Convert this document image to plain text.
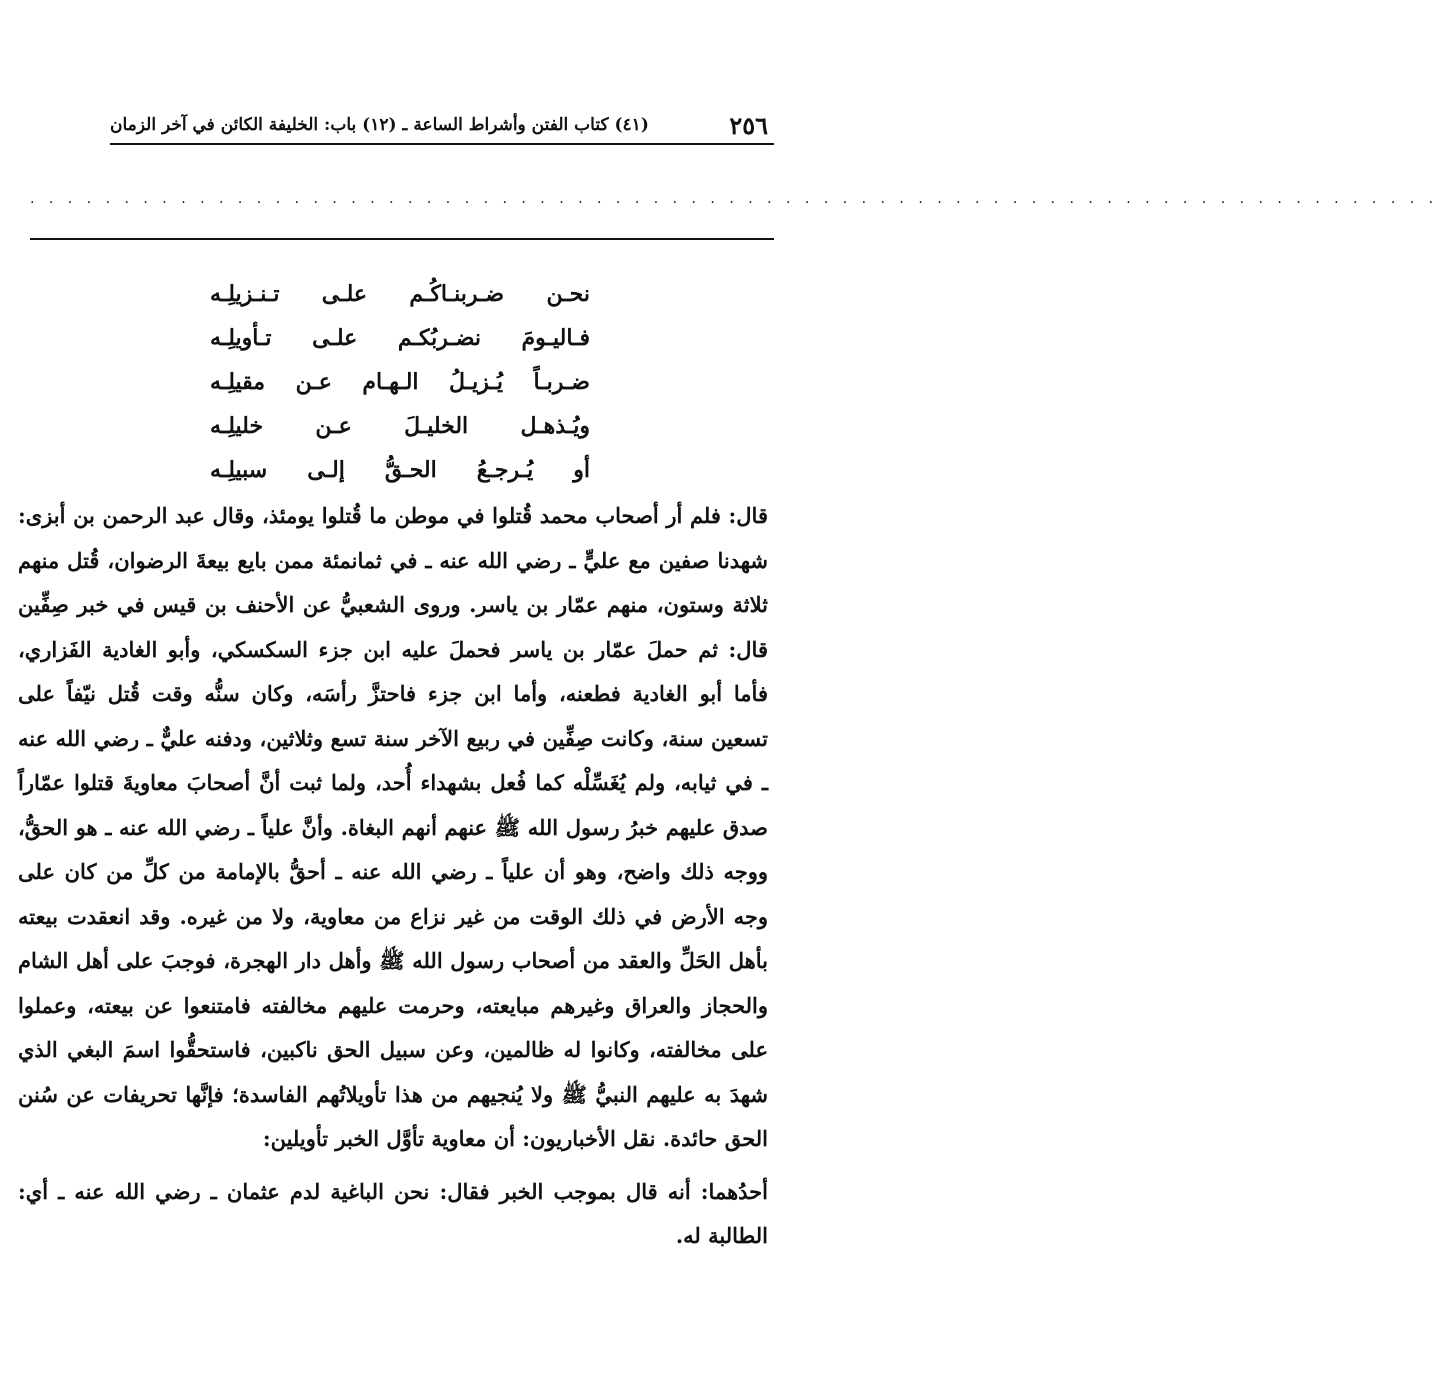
٢٥٦
(٤١) كتاب الفتن وأشراط الساعة ـ (١٢) باب: الخليفة الكائن في آخر الزمان
. . . . . . . . . . . . . . . . . . . . . . . . . . . . . . . . . . . . . . . . . . . . . . . . . . . . . . . . . . . . . . . . . . . . . . . . . . .
نحـن ضـربنـاكُـم علـى تـنـزيلِـه
فـاليـومَ نضـربُكـم علـى تـأويلِـه
ضـربـاً يُـزيـلُ الـهـام عـن مقيلِـه
ويُـذهـل الخليـلَ عـن خليلِـه
أو يُـرجـعُ الحـقُّ إلـى سبيلِـه

قال: فلم أر أصحاب محمد قُتلوا في موطن ما قُتلوا يومئذ، وقال عبد الرحمن بن أبزى: شهدنا صفين مع عليٍّ ـ رضي الله عنه ـ في ثمانمئة ممن بايع بيعةَ الرضوان، قُتل منهم ثلاثة وستون، منهم عمّار بن ياسر. وروى الشعبيُّ عن الأحنف بن قيس في خبر صِفِّين قال: ثم حملَ عمّار بن ياسر فحملَ عليه ابن جزء السكسكي، وأبو الغادية الفَزاري، فأما أبو الغادية فطعنه، وأما ابن جزء فاحتزَّ رأسَه، وكان سنُّه وقت قُتل نيّفاً على تسعين سنة، وكانت صِفِّين في ربيع الآخر سنة تسع وثلاثين، ودفنه عليٌّ ـ رضي الله عنه ـ في ثيابه، ولم يُغَسِّلْه كما فُعل بشهداء أُحد، ولما ثبت أنَّ أصحابَ معاويةَ قتلوا عمّاراً صدق عليهم خبرُ رسول الله ﷺ عنهم أنهم البغاة. وأنَّ علياً ـ رضي الله عنه ـ هو الحقُّ، ووجه ذلك واضح، وهو أن علياً ـ رضي الله عنه ـ أحقُّ بالإمامة من كلِّ من كان على وجه الأرض في ذلك الوقت من غير نزاع من معاوية، ولا من غيره. وقد انعقدت بيعته بأهل الحَلِّ والعقد من أصحاب رسول الله ﷺ وأهل دار الهجرة، فوجبَ على أهل الشام والحجاز والعراق وغيرهم مبايعته، وحرمت عليهم مخالفته فامتنعوا عن بيعته، وعملوا على مخالفته، وكانوا له ظالمين، وعن سبيل الحق ناكبين، فاستحقُّوا اسمَ البغي الذي شهدَ به عليهم النبيُّ ﷺ ولا يُنجيهم من هذا تأويلاتُهم الفاسدة؛ فإنَّها تحريفات عن سُنن الحق حائدة. نقل الأخباريون: أن معاوية تأوَّل الخبر تأويلين:

أحدُهما: أنه قال بموجب الخبر فقال: نحن الباغية لدم عثمان ـ رضي الله عنه ـ أي: الطالبة له.
